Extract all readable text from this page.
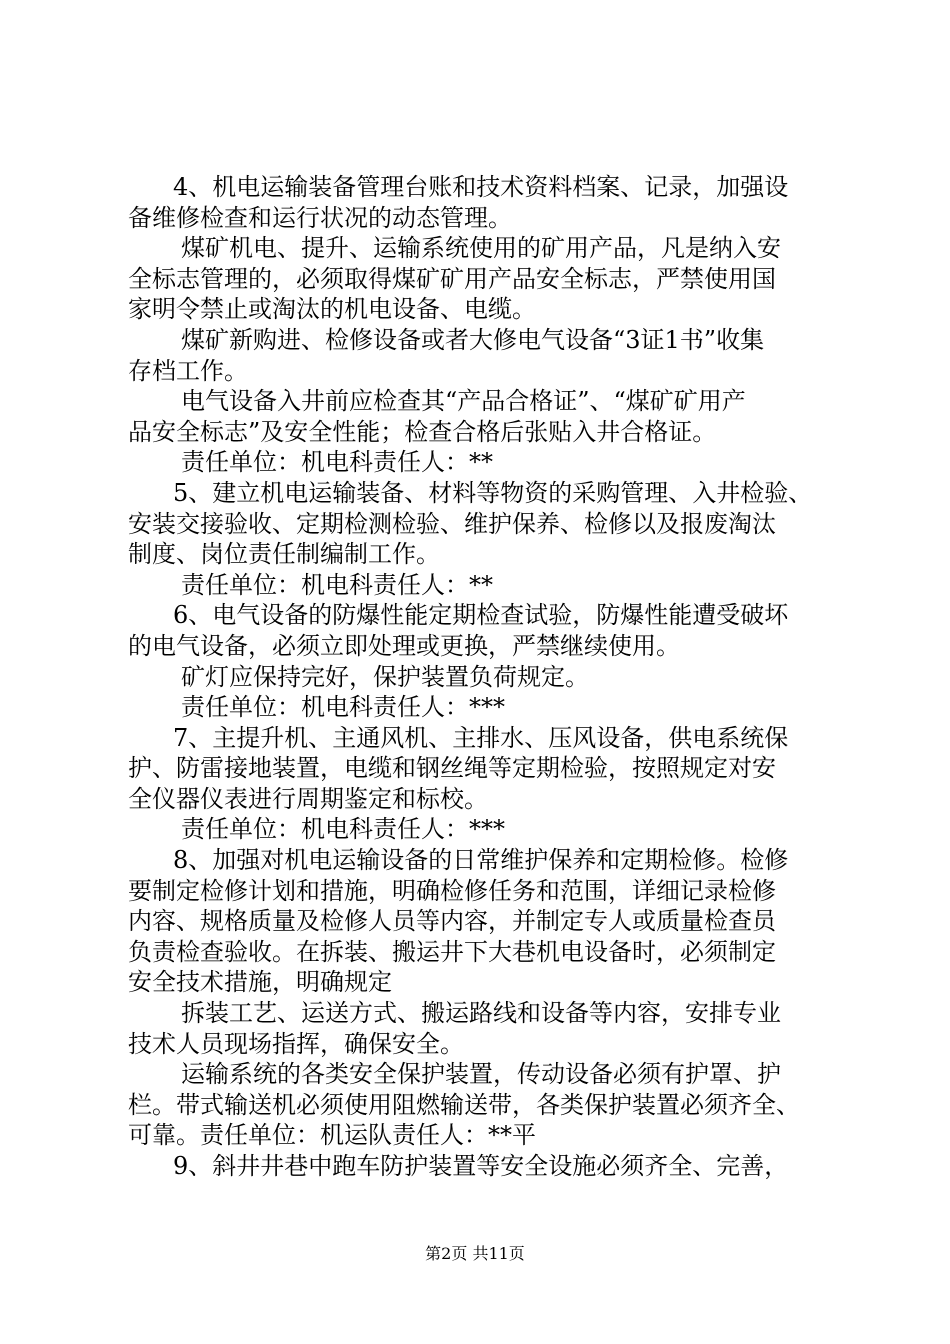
4、机电运输装备管理台账和技术资料档案、记录，加强设

备维修检查和运行状况的动态管理。

煤矿机电、提升、运输系统使用的矿用产品，凡是纳入安

全标志管理的，必须取得煤矿矿用产品安全标志，严禁使用国

家明令禁止或淘汰的机电设备、电缆。

煤矿新购进、检修设备或者大修电气设备“3证1书”收集

存档工作。

电气设备入井前应检查其“产品合格证”、“煤矿矿用产

品安全标志”及安全性能；检查合格后张贴入井合格证。

责任单位：机电科责任人：**

5、建立机电运输装备、材料等物资的采购管理、入井检验、

安装交接验收、定期检测检验、维护保养、检修以及报废淘汰

制度、岗位责任制编制工作。

责任单位：机电科责任人：**

6、电气设备的防爆性能定期检查试验，防爆性能遭受破坏

的电气设备，必须立即处理或更换，严禁继续使用。

矿灯应保持完好，保护装置负荷规定。

责任单位：机电科责任人：***

7、主提升机、主通风机、主排水、压风设备，供电系统保

护、防雷接地装置，电缆和钢丝绳等定期检验，按照规定对安

全仪器仪表进行周期鉴定和标校。

责任单位：机电科责任人：***

8、加强对机电运输设备的日常维护保养和定期检修。检修

要制定检修计划和措施，明确检修任务和范围，详细记录检修

内容、规格质量及检修人员等内容，并制定专人或质量检查员

负责检查验收。在拆装、搬运井下大巷机电设备时，必须制定

安全技术措施，明确规定

拆装工艺、运送方式、搬运路线和设备等内容，安排专业

技术人员现场指挥，确保安全。

运输系统的各类安全保护装置，传动设备必须有护罩、护

栏。带式输送机必须使用阻燃输送带，各类保护装置必须齐全、

可靠。责任单位：机运队责任人：**平

9、斜井井巷中跑车防护装置等安全设施必须齐全、完善，

第2页 共11页
